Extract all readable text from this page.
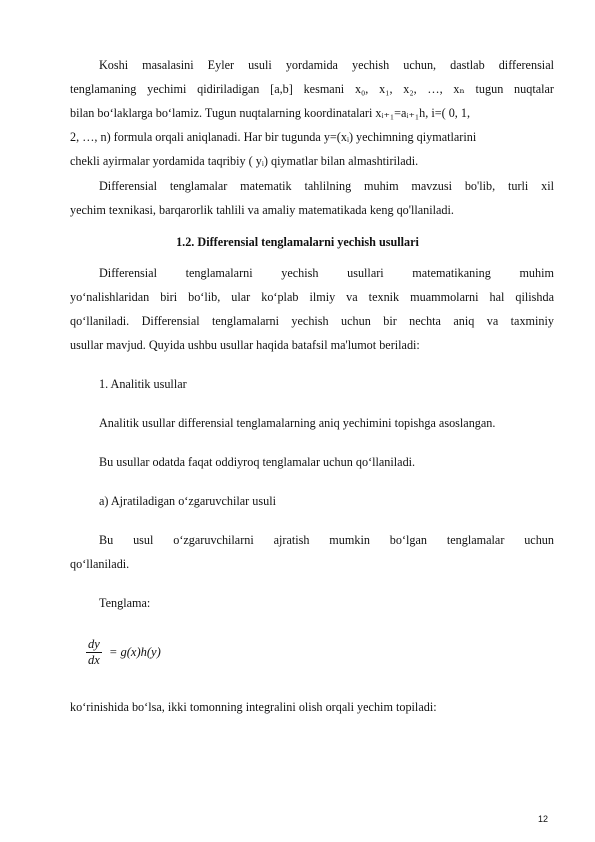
Koshi masalasini Eyler usuli yordamida yechish uchun, dastlab differensial
tenglamaning yechimi qidiriladigan [a,b] kesmani x₀, x₁, x₂, …, xₙ tugun nuqtalar
bilan bo‘laklarga bo‘lamiz. Tugun nuqtalarning koordinatalari xᵢ₊₁=aᵢ₊₁h, i=( 0, 1,
2, …, n) formula orqali aniqlanadi. Har bir tugunda y=(xᵢ) yechimning qiymatlarini
chekli ayirmalar yordamida taqribiy ( yᵢ) qiymatlar bilan almashtiriladi.
Differensial tenglamalar matematik tahlilning muhim mavzusi bo'lib, turli xil
yechim texnikasi, barqarorlik tahlili va amaliy matematikada keng qo'llaniladi.
1.2. Differensial tenglamalarni yechish usullari
Differensial tenglamalarni yechish usullari matematikaning muhim
yo‘nalishlaridan biri bo‘lib, ular ko‘plab ilmiy va texnik muammolarni hal qilishda
qo‘llaniladi. Differensial tenglamalarni yechish uchun bir nechta aniq va taxminiy
usullar mavjud. Quyida ushbu usullar haqida batafsil ma'lumot beriladi:
1. Analitik usullar
Analitik usullar differensial tenglamalarning aniq yechimini topishga asoslangan.
Bu usullar odatda faqat oddiyroq tenglamalar uchun qo‘llaniladi.
a) Ajratiladigan o‘zgaruvchilar usuli
Bu usul o‘zgaruvchilarni ajratish mumkin bo‘lgan tenglamalar uchun
qo‘llaniladi.
Tenglama:
$\frac{dy}{dx} = g(x)h(y)$
ko‘rinishida bo‘lsa, ikki tomonning integralini olish orqali yechim topiladi:
12
